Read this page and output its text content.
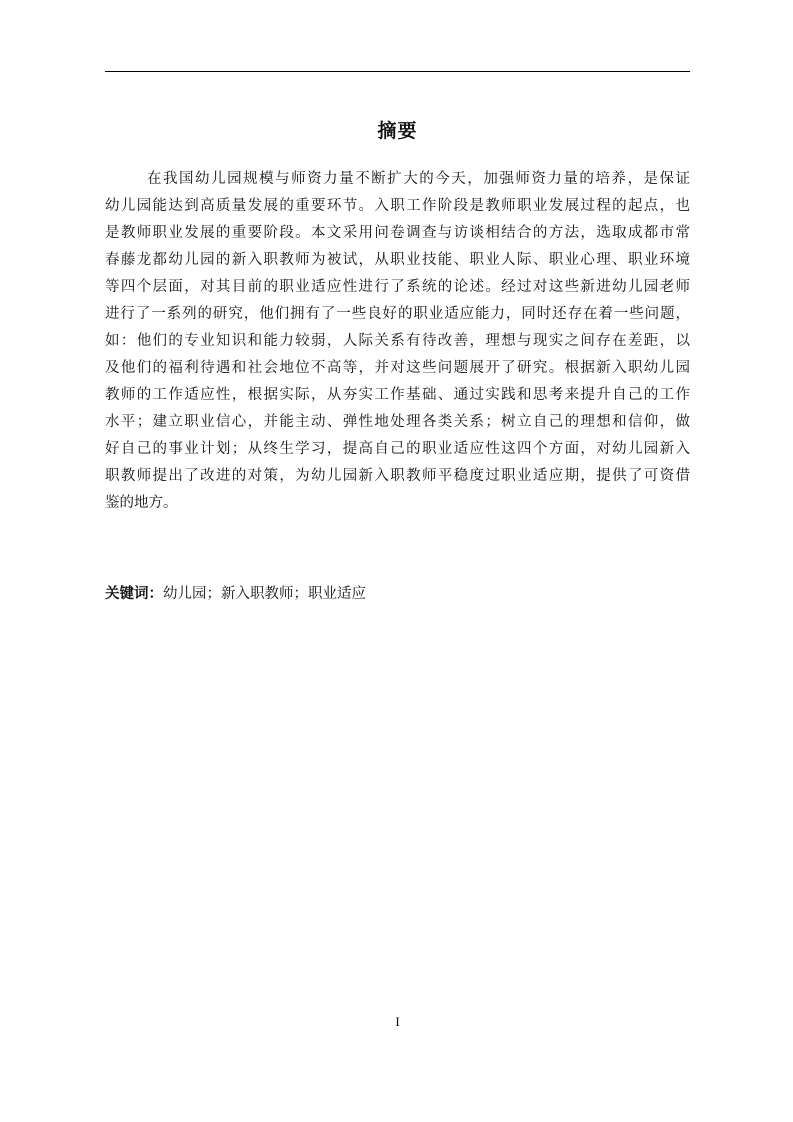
摘要
在我国幼儿园规模与师资力量不断扩大的今天，加强师资力量的培养，是保证
幼儿园能达到高质量发展的重要环节。入职工作阶段是教师职业发展过程的起点，也
是教师职业发展的重要阶段。本文采用问卷调查与访谈相结合的方法，选取成都市常
春藤龙都幼儿园的新入职教师为被试，从职业技能、职业人际、职业心理、职业环境
等四个层面，对其目前的职业适应性进行了系统的论述。经过对这些新进幼儿园老师
进行了一系列的研究，他们拥有了一些良好的职业适应能力，同时还存在着一些问题，
如：他们的专业知识和能力较弱，人际关系有待改善，理想与现实之间存在差距，以
及他们的福利待遇和社会地位不高等，并对这些问题展开了研究。根据新入职幼儿园
教师的工作适应性，根据实际，从夯实工作基础、通过实践和思考来提升自己的工作
水平；建立职业信心，并能主动、弹性地处理各类关系；树立自己的理想和信仰，做
好自己的事业计划；从终生学习，提高自己的职业适应性这四个方面，对幼儿园新入
职教师提出了改进的对策，为幼儿园新入职教师平稳度过职业适应期，提供了可资借
鉴的地方。
关键词：幼儿园；新入职教师；职业适应
I
